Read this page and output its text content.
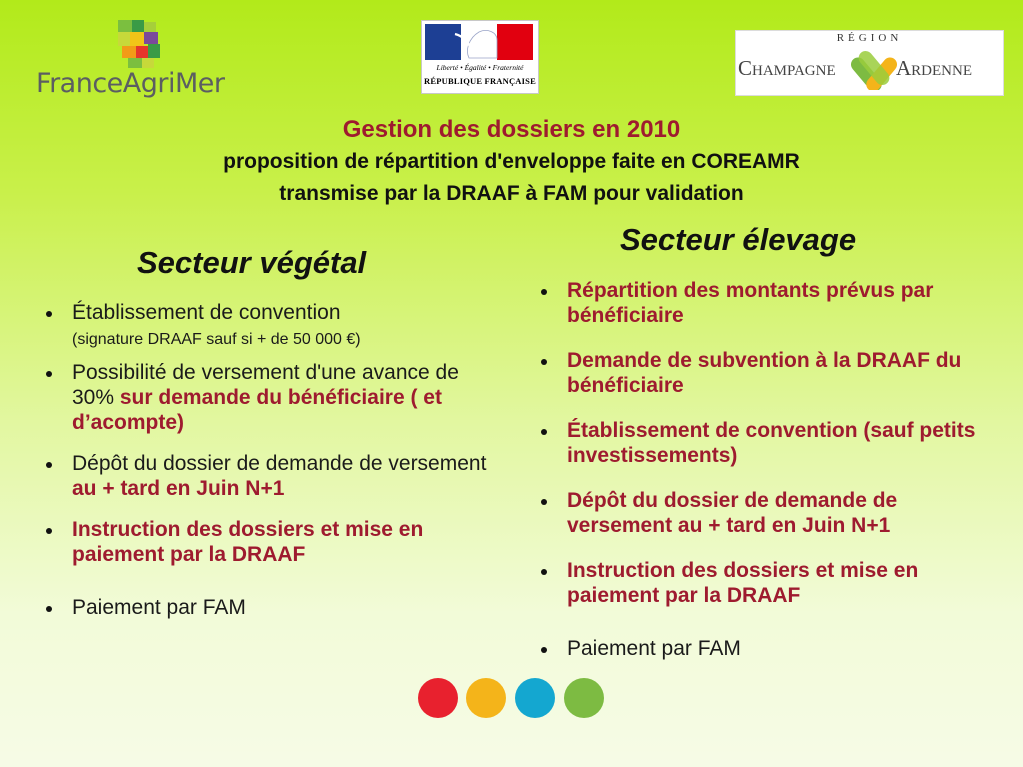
FranceAgriMer
Liberté • Égalité • Fraternité
RÉPUBLIQUE FRANÇAISE
RÉGION
Champagne	Ardenne
Gestion des dossiers en 2010
proposition de répartition d'enveloppe faite en COREAMR
transmise par la DRAAF à FAM pour validation
Secteur végétal
Établissement de convention
(signature DRAAF sauf si + de 50 000 €)
Possibilité de versement d'une avance de 30% sur demande du bénéficiaire ( et d’acompte)
Dépôt du dossier de demande de versement au + tard en Juin N+1
Instruction des dossiers et mise en paiement par la DRAAF
Paiement par FAM
Secteur élevage
Répartition des montants prévus par bénéficiaire
Demande de subvention à la DRAAF du bénéficiaire
Établissement de convention (sauf petits investissements)
Dépôt du dossier de demande de versement au + tard en Juin N+1
Instruction des dossiers et mise en paiement par la DRAAF
Paiement par FAM
